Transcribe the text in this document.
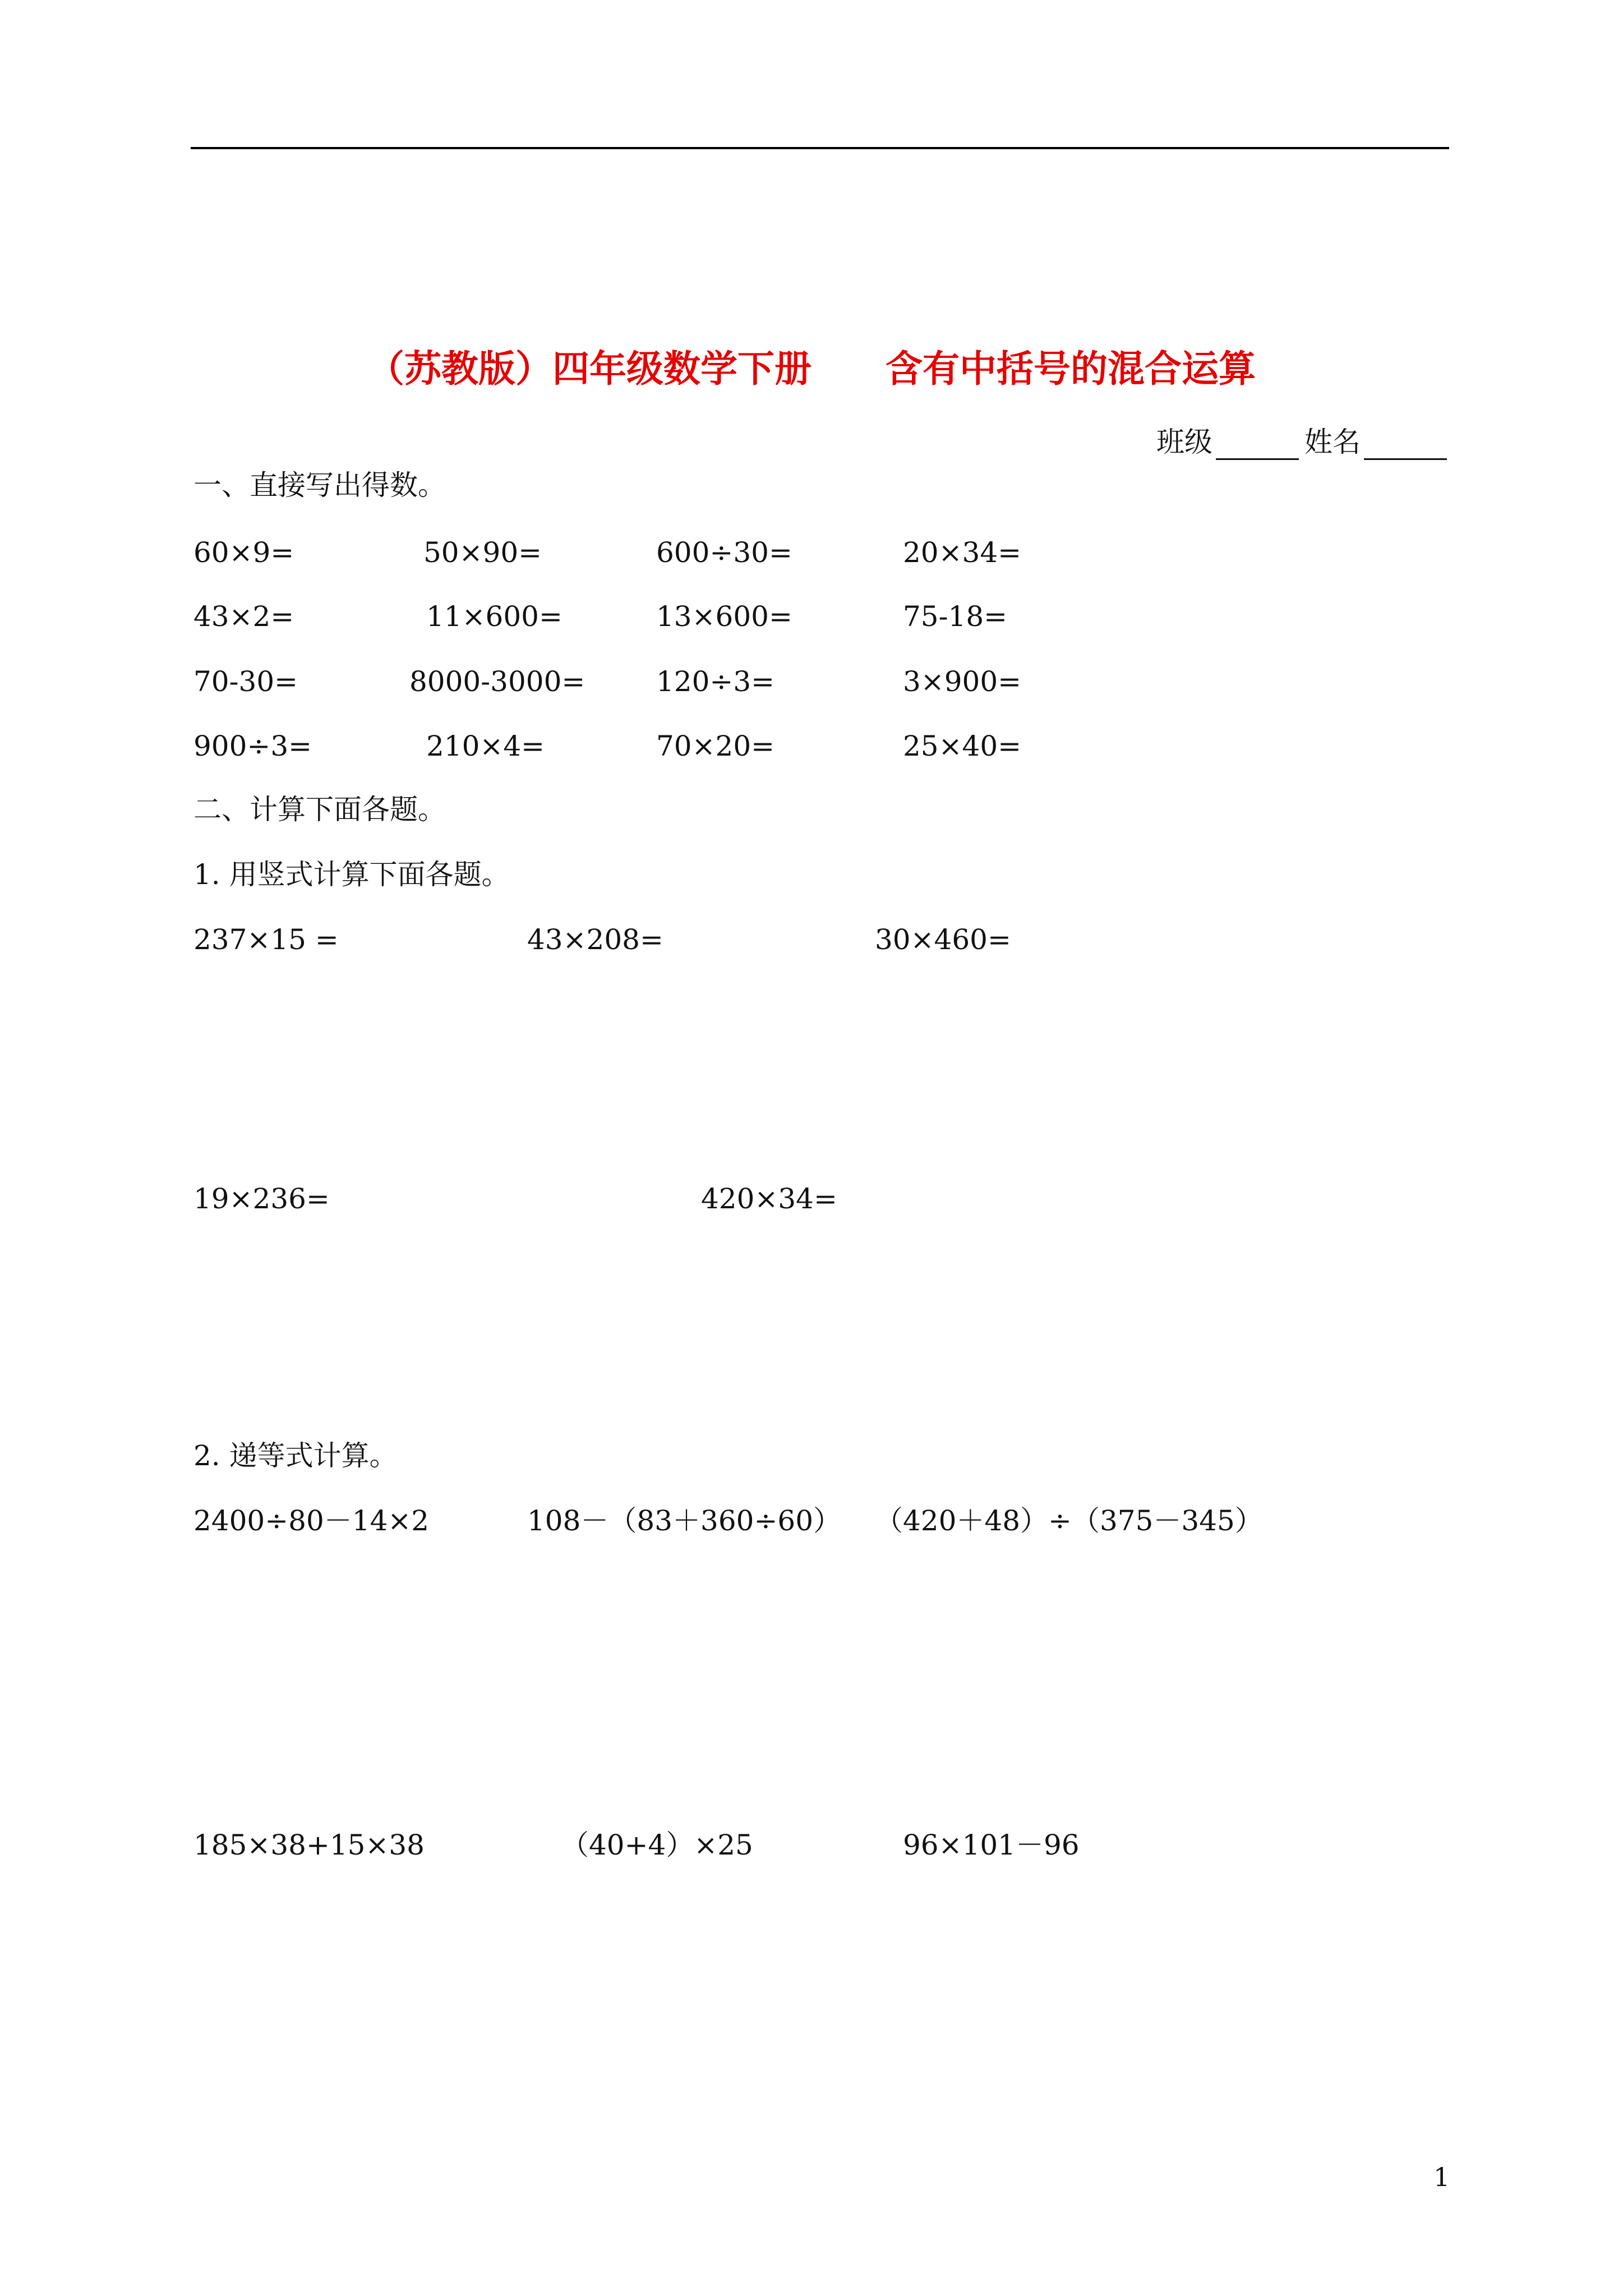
（苏教版）四年级数学下册　　含有中括号的混合运算
班级	姓名
一、直接写出得数。
60×9=	50×90=	600÷30=	20×34=
43×2=	11×600=	13×600=	75-18=
70-30=	8000-3000=	120÷3=	3×900=
900÷3=	210×4=	70×20=	25×40=
二、计算下面各题。
1. 用竖式计算下面各题。
237×15 =	43×208=	30×460=
19×236=	420×34=
2. 递等式计算。
2400÷80－14×2	108－（83＋360÷60） （420＋48）÷（375－345）
185×38+15×38	（40+4）×25	96×101－96
1
